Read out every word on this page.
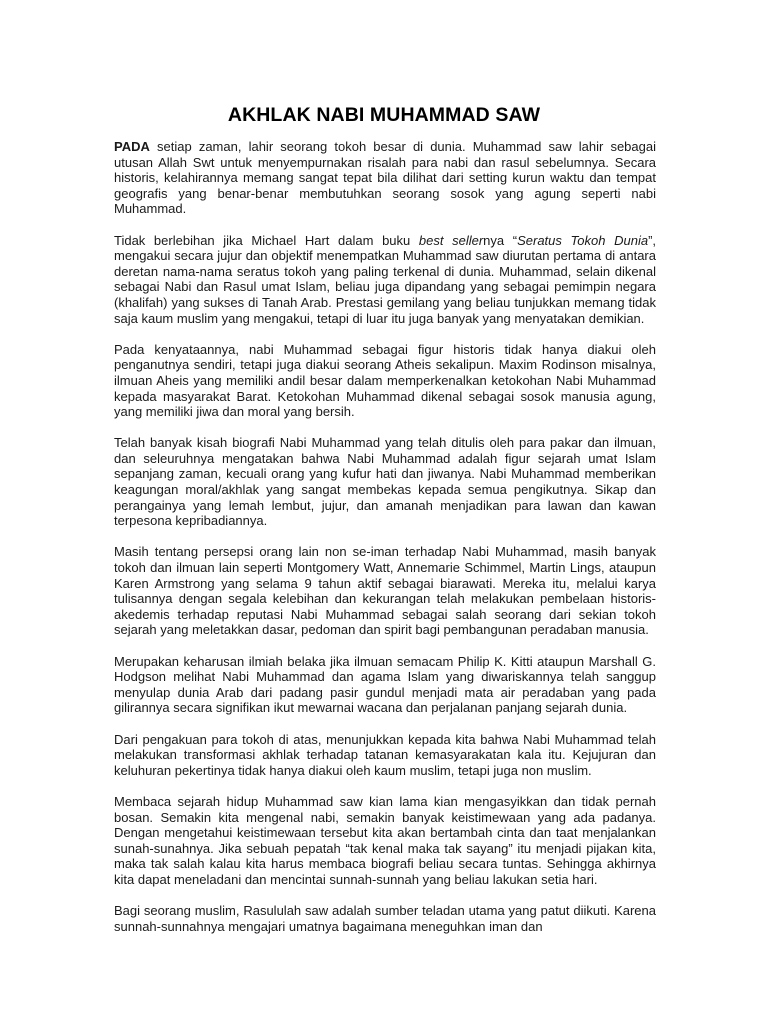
AKHLAK NABI MUHAMMAD SAW

PADA setiap zaman, lahir seorang tokoh besar di dunia. Muhammad saw lahir sebagai utusan Allah Swt untuk menyempurnakan risalah para nabi dan rasul sebelumnya. Secara historis, kelahirannya memang sangat tepat bila dilihat dari setting kurun waktu dan tempat geografis yang benar-benar membutuhkan seorang sosok yang agung seperti nabi Muhammad.

Tidak berlebihan jika Michael Hart dalam buku best sellernya “Seratus Tokoh Dunia”, mengakui secara jujur dan objektif menempatkan Muhammad saw diurutan pertama di antara deretan nama-nama seratus tokoh yang paling terkenal di dunia. Muhammad, selain dikenal sebagai Nabi dan Rasul umat Islam, beliau juga dipandang yang sebagai pemimpin negara (khalifah) yang sukses di Tanah Arab. Prestasi gemilang yang beliau tunjukkan memang tidak saja kaum muslim yang mengakui, tetapi di luar itu juga banyak yang menyatakan demikian.

Pada kenyataannya, nabi Muhammad sebagai figur historis tidak hanya diakui oleh penganutnya sendiri, tetapi juga diakui seorang Atheis sekalipun. Maxim Rodinson misalnya, ilmuan Aheis yang memiliki andil besar dalam memperkenalkan ketokohan Nabi Muhammad kepada masyarakat Barat. Ketokohan Muhammad dikenal sebagai sosok manusia agung, yang memiliki jiwa dan moral yang bersih.

Telah banyak kisah biografi Nabi Muhammad yang telah ditulis oleh para pakar dan ilmuan, dan seleuruhnya mengatakan bahwa Nabi Muhammad adalah figur sejarah umat Islam sepanjang zaman, kecuali orang yang kufur hati dan jiwanya. Nabi Muhammad memberikan keagungan moral/akhlak yang sangat membekas kepada semua pengikutnya. Sikap dan perangainya yang lemah lembut, jujur, dan amanah menjadikan para lawan dan kawan terpesona kepribadiannya.

Masih tentang persepsi orang lain non se-iman terhadap Nabi Muhammad, masih banyak tokoh dan ilmuan lain seperti Montgomery Watt, Annemarie Schimmel, Martin Lings, ataupun Karen Armstrong yang selama 9 tahun aktif sebagai biarawati. Mereka itu, melalui karya tulisannya dengan segala kelebihan dan kekurangan telah melakukan pembelaan historis-akedemis terhadap reputasi Nabi Muhammad sebagai salah seorang dari sekian tokoh sejarah yang meletakkan dasar, pedoman dan spirit bagi pembangunan peradaban manusia.

Merupakan keharusan ilmiah belaka jika ilmuan semacam Philip K. Kitti ataupun Marshall G. Hodgson melihat Nabi Muhammad dan agama Islam yang diwariskannya telah sanggup menyulap dunia Arab dari padang pasir gundul menjadi mata air peradaban yang pada gilirannya secara signifikan ikut mewarnai wacana dan perjalanan panjang sejarah dunia.

Dari pengakuan para tokoh di atas, menunjukkan kepada kita bahwa Nabi Muhammad telah melakukan transformasi akhlak terhadap tatanan kemasyarakatan kala itu. Kejujuran dan keluhuran pekertinya tidak hanya diakui oleh kaum muslim, tetapi juga non muslim.

Membaca sejarah hidup Muhammad saw kian lama kian mengasyikkan dan tidak pernah bosan. Semakin kita mengenal nabi, semakin banyak keistimewaan yang ada padanya. Dengan mengetahui keistimewaan tersebut kita akan bertambah cinta dan taat menjalankan sunah-sunahnya. Jika sebuah pepatah “tak kenal maka tak sayang” itu menjadi pijakan kita, maka tak salah kalau kita harus membaca biografi beliau secara tuntas. Sehingga akhirnya kita dapat meneladani dan mencintai sunnah-sunnah yang beliau lakukan setia hari.

Bagi seorang muslim, Rasululah saw adalah sumber teladan utama yang patut diikuti. Karena sunnah-sunnahnya mengajari umatnya bagaimana meneguhkan iman dan
